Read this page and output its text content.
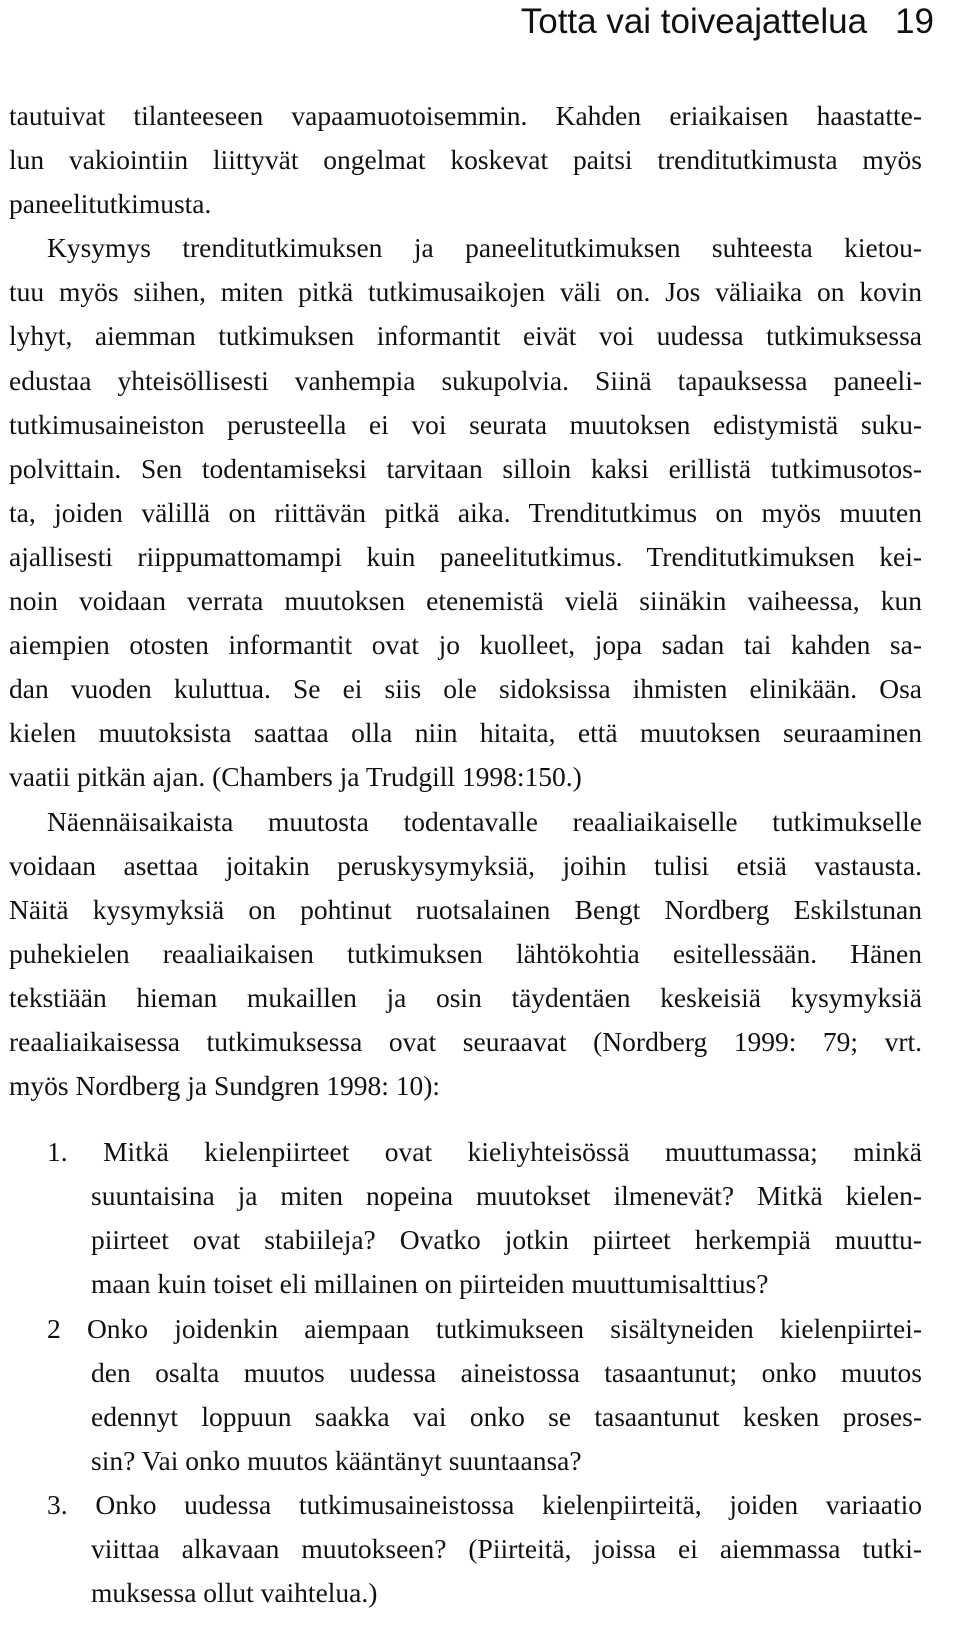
Totta vai toiveajattelua 19
tautuivat tilanteeseen vapaamuotoisemmin. Kahden eriaikaisen haastatte-
lun vakiointiin liittyvät ongelmat koskevat paitsi trenditutkimusta myös
paneelitutkimusta.
Kysymys trenditutkimuksen ja paneelitutkimuksen suhteesta kietou-
tuu myös siihen, miten pitkä tutkimusaikojen väli on. Jos väliaika on kovin
lyhyt, aiemman tutkimuksen informantit eivät voi uudessa tutkimuksessa
edustaa yhteisöllisesti vanhempia sukupolvia. Siinä tapauksessa paneeli-
tutkimusaineiston perusteella ei voi seurata muutoksen edistymistä suku-
polvittain. Sen todentamiseksi tarvitaan silloin kaksi erillistä tutkimusotos-
ta, joiden välillä on riittävän pitkä aika. Trenditutkimus on myös muuten
ajallisesti riippumattomampi kuin paneelitutkimus. Trenditutkimuksen kei-
noin voidaan verrata muutoksen etenemistä vielä siinäkin vaiheessa, kun
aiempien otosten informantit ovat jo kuolleet, jopa sadan tai kahden sa-
dan vuoden kuluttua. Se ei siis ole sidoksissa ihmisten elinikään. Osa
kielen muutoksista saattaa olla niin hitaita, että muutoksen seuraaminen
vaatii pitkän ajan. (Chambers ja Trudgill 1998:150.)
Näennäisaikaista muutosta todentavalle reaaliaikaiselle tutkimukselle
voidaan asettaa joitakin peruskysymyksiä, joihin tulisi etsiä vastausta.
Näitä kysymyksiä on pohtinut ruotsalainen Bengt Nordberg Eskilstunan
puhekielen reaaliaikaisen tutkimuksen lähtökohtia esitellessään. Hänen
tekstiään hieman mukaillen ja osin täydentäen keskeisiä kysymyksiä
reaaliaikaisessa tutkimuksessa ovat seuraavat (Nordberg 1999: 79; vrt.
myös Nordberg ja Sundgren 1998: 10):
1. Mitkä kielenpiirteet ovat kieliyhteisössä muuttumassa; minkä
suuntaisina ja miten nopeina muutokset ilmenevät? Mitkä kielen-
piirteet ovat stabiileja? Ovatko jotkin piirteet herkempiä muuttu-
maan kuin toiset eli millainen on piirteiden muuttumisalttius?
2 Onko joidenkin aiempaan tutkimukseen sisältyneiden kielenpiirtei-
den osalta muutos uudessa aineistossa tasaantunut; onko muutos
edennyt loppuun saakka vai onko se tasaantunut kesken proses-
sin? Vai onko muutos kääntänyt suuntaansa?
3. Onko uudessa tutkimusaineistossa kielenpiirteitä, joiden variaatio
viittaa alkavaan muutokseen? (Piirteitä, joissa ei aiemmassa tutki-
muksessa ollut vaihtelua.)
